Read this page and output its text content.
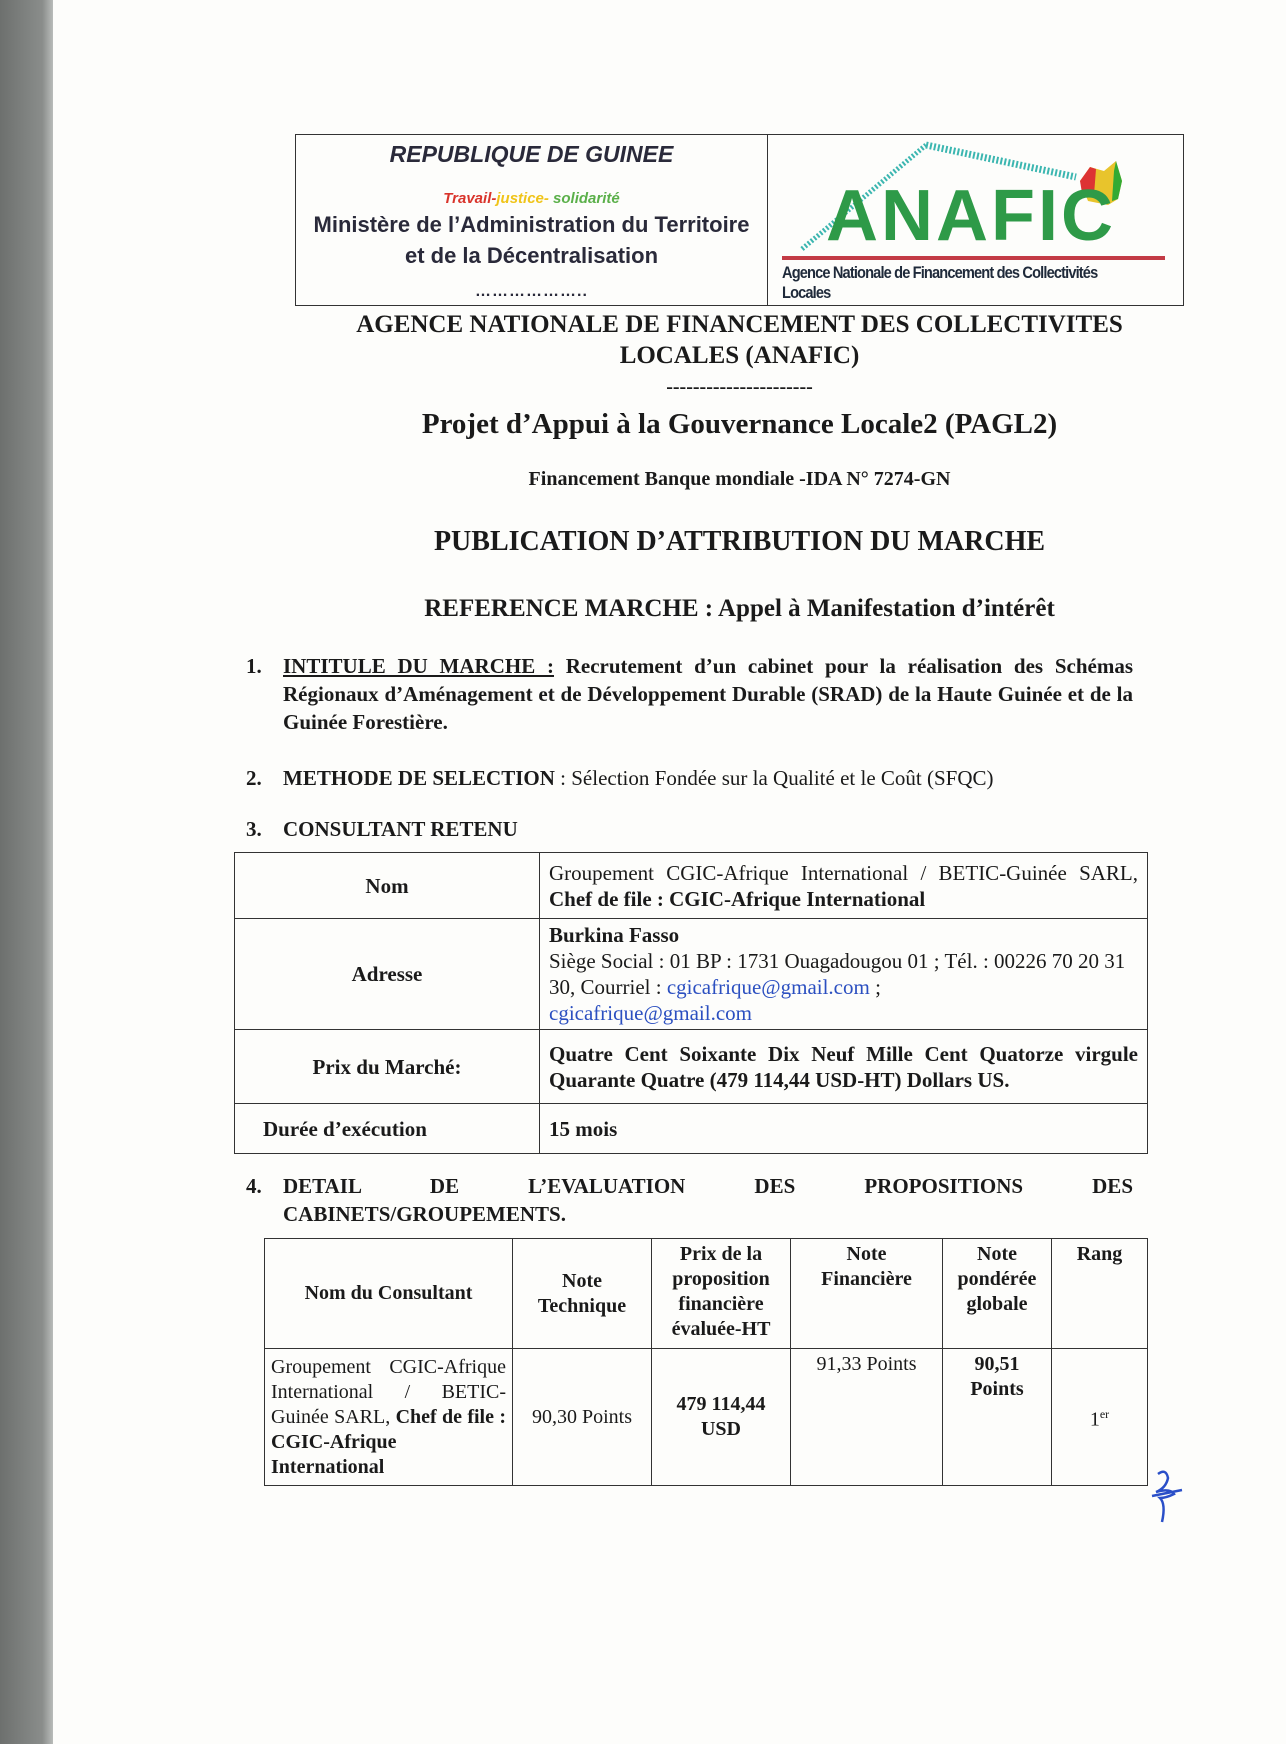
REPUBLIQUE DE GUINEE
Travail-justice- solidarité
Ministère de l’Administration du Territoire
et de la Décentralisation
………………..
ANAFIC
Agence Nationale de Financement des Collectivités Locales
AGENCE NATIONALE DE FINANCEMENT DES COLLECTIVITES
LOCALES (ANAFIC)
----------------------
Projet d’Appui à la Gouvernance Locale2 (PAGL2)
Financement Banque mondiale -IDA N° 7274-GN
PUBLICATION D’ATTRIBUTION DU MARCHE
REFERENCE MARCHE : Appel à Manifestation d’intérêt
1. INTITULE DU MARCHE : Recrutement d’un cabinet pour la réalisation des Schémas Régionaux d’Aménagement et de Développement Durable (SRAD) de la Haute Guinée et de la Guinée Forestière.
2. METHODE DE SELECTION : Sélection Fondée sur la Qualité et le Coût (SFQC)
3. CONSULTANT RETENU
Nom	Groupement CGIC-Afrique International / BETIC-Guinée SARL, Chef de file : CGIC-Afrique International
Adresse	Burkina Fasso
Siège Social : 01 BP : 1731 Ouagadougou 01 ; Tél. : 00226 70 20 31 30, Courriel : cgicafrique@gmail.com ;
cgicafrique@gmail.com
Prix du Marché:	Quatre Cent Soixante Dix Neuf Mille Cent Quatorze virgule Quarante Quatre (479 114,44 USD-HT) Dollars US.
Durée d’exécution	15 mois
4. DETAIL DE L’EVALUATION DES PROPOSITIONS DES CABINETS/GROUPEMENTS.
Nom du Consultant	Note Technique	Prix de la proposition financière évaluée-HT	Note Financière	Note pondérée globale	Rang
Groupement CGIC-Afrique International / BETIC-Guinée SARL, Chef de file : CGIC-Afrique International	90,30 Points	479 114,44 USD	91,33 Points	90,51 Points	1er
